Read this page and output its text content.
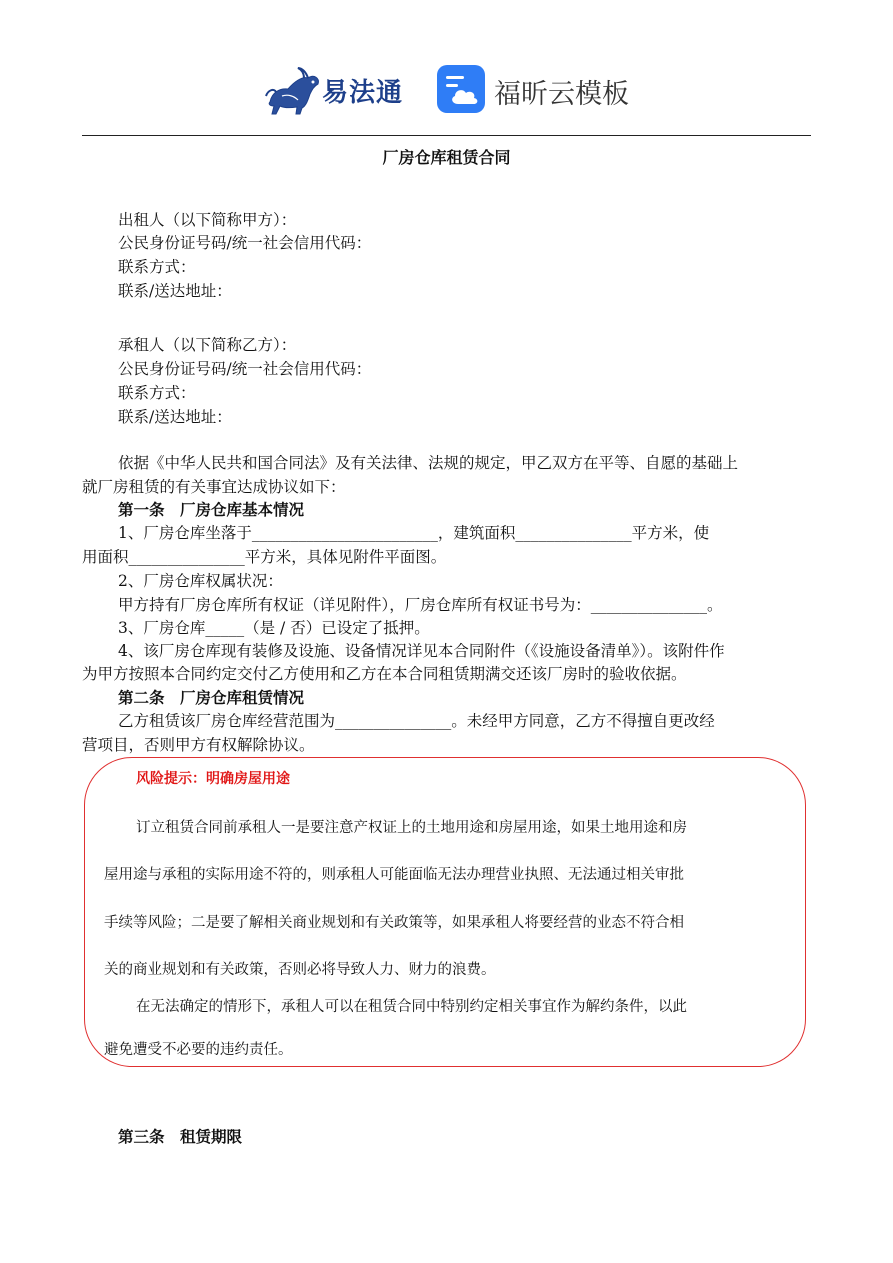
易法通	福昕云模板
厂房仓库租赁合同
出租人（以下简称甲方）：
公民身份证号码/统一社会信用代码：
联系方式：
联系/送达地址：
承租人（以下简称乙方）：
公民身份证号码/统一社会信用代码：
联系方式：
联系/送达地址：
依据《中华人民共和国合同法》及有关法律、法规的规定，甲乙双方在平等、自愿的基础上
就厂房租赁的有关事宜达成协议如下：
第一条　厂房仓库基本情况
1、厂房仓库坐落于________________________，建筑面积_______________平方米，使
用面积_______________平方米，具体见附件平面图。
2、厂房仓库权属状况：
甲方持有厂房仓库所有权证（详见附件），厂房仓库所有权证书号为：_______________。
3、厂房仓库_____（是 / 否）已设定了抵押。
4、该厂房仓库现有装修及设施、设备情况详见本合同附件（《设施设备清单》）。该附件作
为甲方按照本合同约定交付乙方使用和乙方在本合同租赁期满交还该厂房时的验收依据。
第二条　厂房仓库租赁情况
乙方租赁该厂房仓库经营范围为_______________。未经甲方同意，乙方不得擅自更改经
营项目，否则甲方有权解除协议。
风险提示：明确房屋用途
订立租赁合同前承租人一是要注意产权证上的土地用途和房屋用途，如果土地用途和房
屋用途与承租的实际用途不符的，则承租人可能面临无法办理营业执照、无法通过相关审批
手续等风险；二是要了解相关商业规划和有关政策等，如果承租人将要经营的业态不符合相
关的商业规划和有关政策，否则必将导致人力、财力的浪费。
在无法确定的情形下，承租人可以在租赁合同中特别约定相关事宜作为解约条件，以此
避免遭受不必要的违约责任。
第三条　租赁期限
